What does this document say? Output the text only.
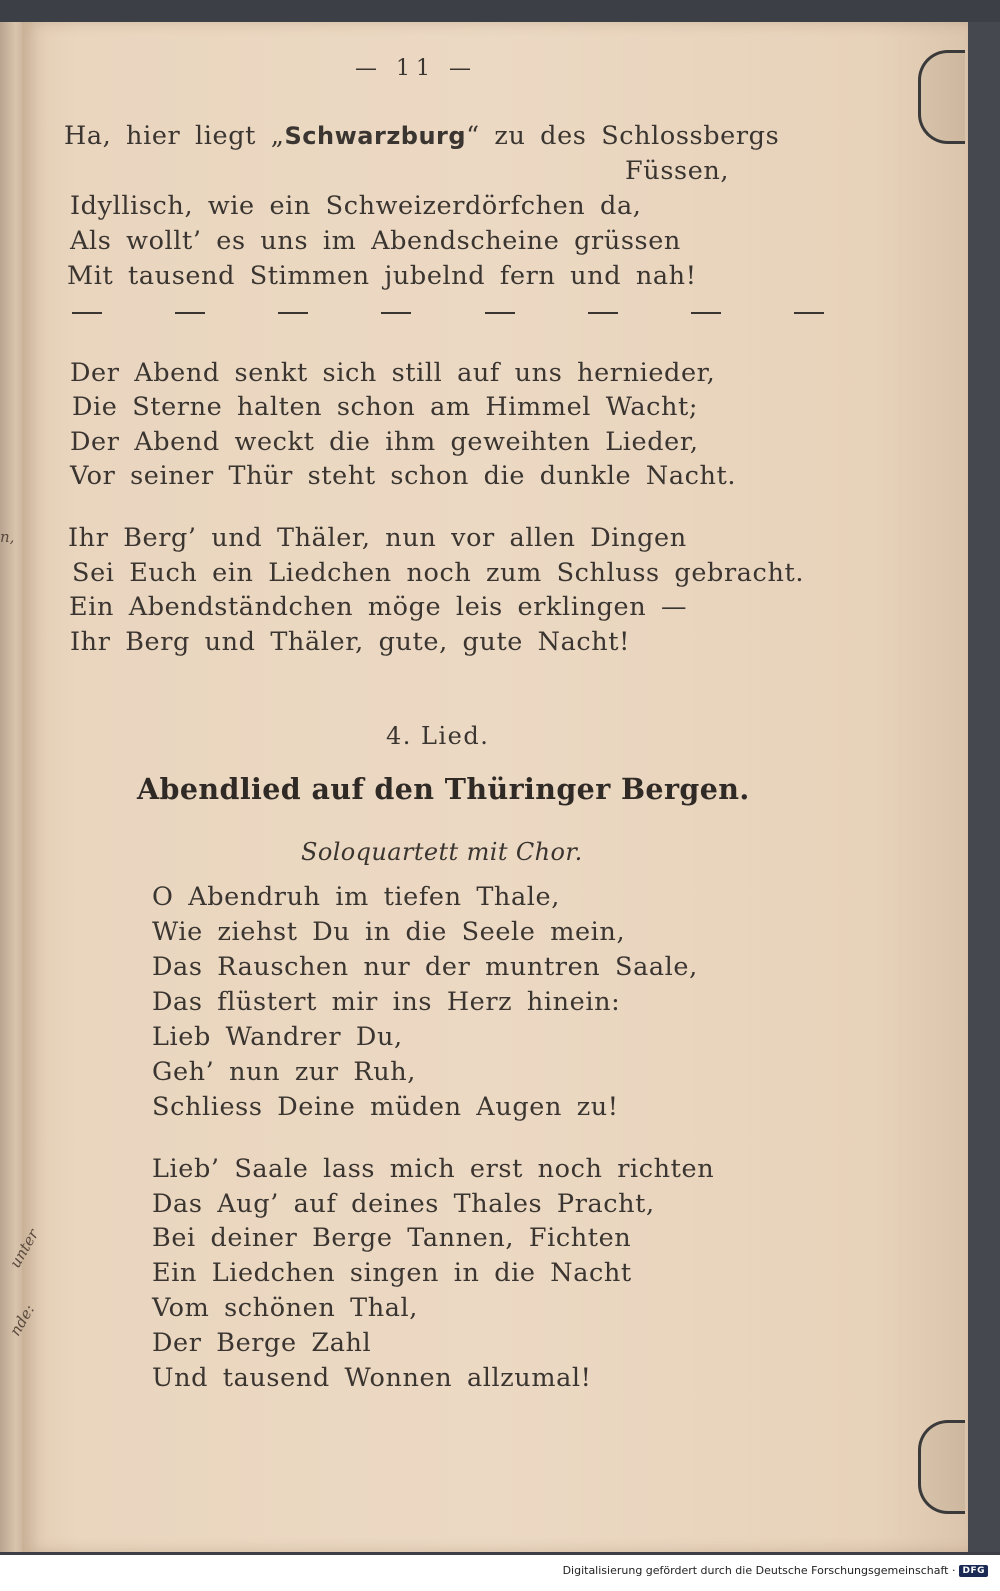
n,
unter
nde:
— 11 —
Ha, hier liegt „Schwarzburg“ zu des Schlossbergs
Füssen,
Idyllisch, wie ein Schweizerdörfchen da,
Als wollt’ es uns im Abendscheine grüssen
Mit tausend Stimmen jubelnd fern und nah!
Der Abend senkt sich still auf uns hernieder,
Die Sterne halten schon am Himmel Wacht;
Der Abend weckt die ihm geweihten Lieder,
Vor seiner Thür steht schon die dunkle Nacht.
Ihr Berg’ und Thäler, nun vor allen Dingen
Sei Euch ein Liedchen noch zum Schluss gebracht.
Ein Abendständchen möge leis erklingen —
Ihr Berg und Thäler, gute, gute Nacht!
4. Lied.
Abendlied auf den Thüringer Bergen.
Soloquartett mit Chor.
O Abendruh im tiefen Thale,
Wie ziehst Du in die Seele mein,
Das Rauschen nur der muntren Saale,
Das flüstert mir ins Herz hinein:
Lieb Wandrer Du,
Geh’ nun zur Ruh,
Schliess Deine müden Augen zu!
Lieb’ Saale lass mich erst noch richten
Das Aug’ auf deines Thales Pracht,
Bei deiner Berge Tannen, Fichten
Ein Liedchen singen in die Nacht
Vom schönen Thal,
Der Berge Zahl
Und tausend Wonnen allzumal!
Digitalisierung gefördert durch die Deutsche Forschungsgemeinschaft · DFG
